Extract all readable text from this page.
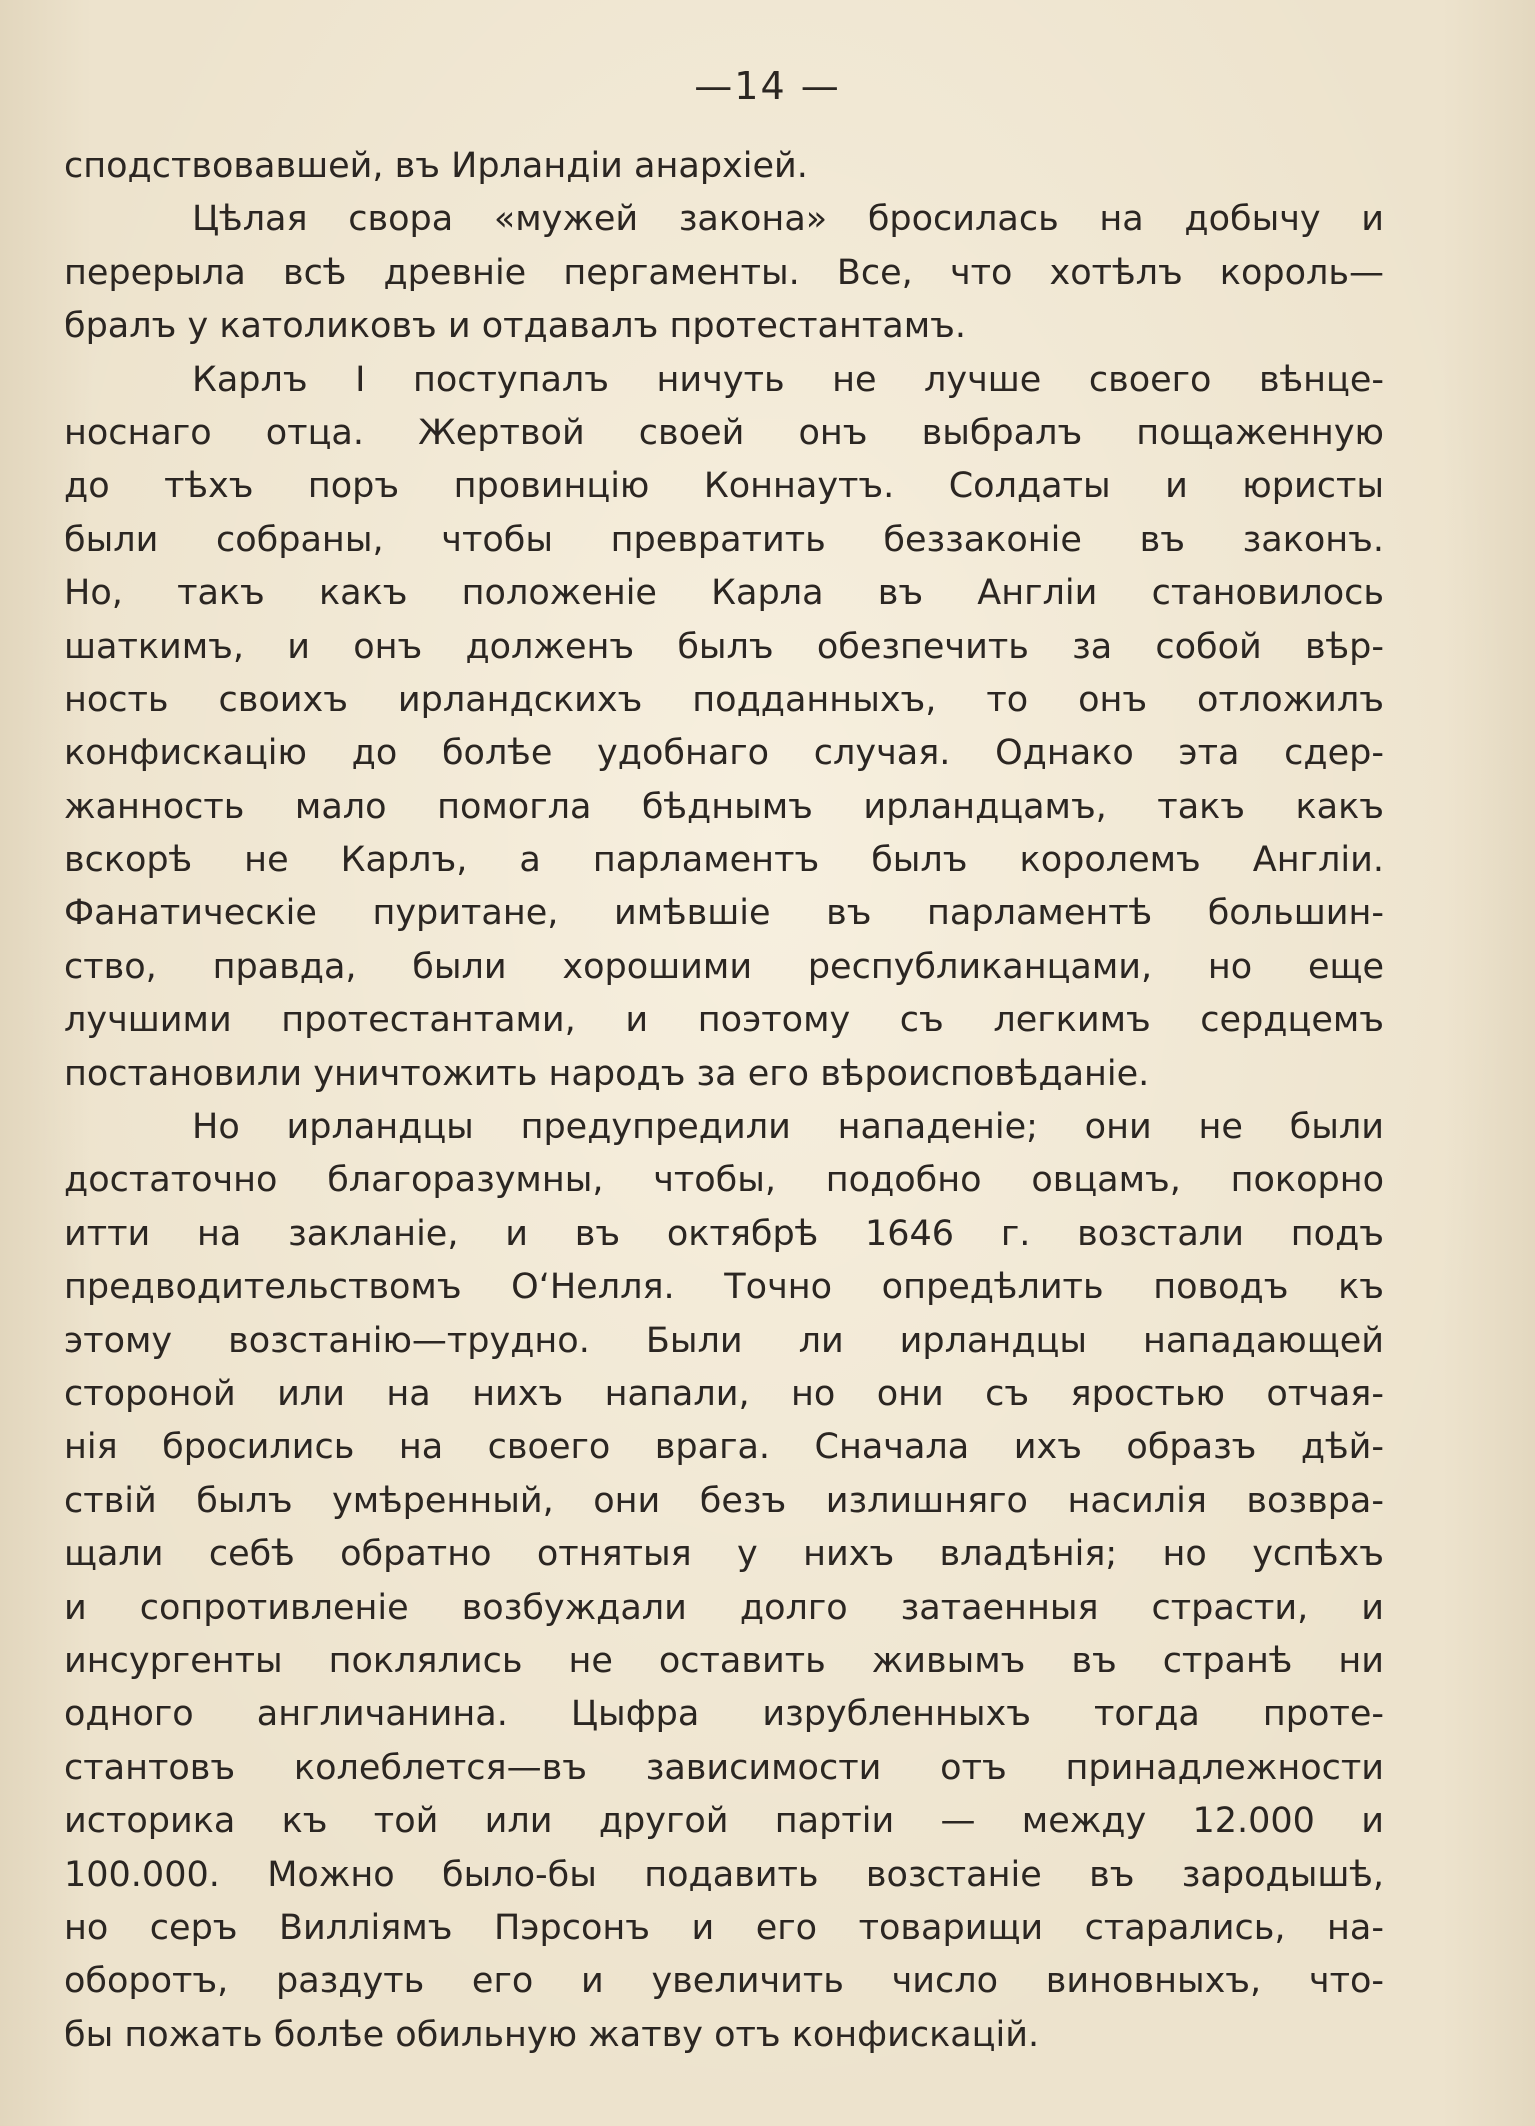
—14 —
сподствовавшей, въ Ирландіи анархіей.
Цѣлая свора «мужей закона» бросилась на добычу и
перерыла всѣ древніе пергаменты. Все, что хотѣлъ король—
бралъ у католиковъ и отдавалъ протестантамъ.
Карлъ I поступалъ ничуть не лучше своего вѣнце-
носнаго отца. Жертвой своей онъ выбралъ пощаженную
до тѣхъ поръ провинцію Коннаутъ. Солдаты и юристы
были собраны, чтобы превратить беззаконіе въ законъ.
Но, такъ какъ положеніе Карла въ Англіи становилось
шаткимъ, и онъ долженъ былъ обезпечить за собой вѣр-
ность своихъ ирландскихъ подданныхъ, то онъ отложилъ
конфискацію до болѣе удобнаго случая. Однако эта сдер-
жанность мало помогла бѣднымъ ирландцамъ, такъ какъ
вскорѣ не Карлъ, а парламентъ былъ королемъ Англіи.
Фанатическіе пуритане, имѣвшіе въ парламентѣ большин-
ство, правда, были хорошими республиканцами, но еще
лучшими протестантами, и поэтому съ легкимъ сердцемъ
постановили уничтожить народъ за его вѣроисповѣданіе.
Но ирландцы предупредили нападеніе; они не были
достаточно благоразумны, чтобы, подобно овцамъ, покорно
итти на закланіе, и въ октябрѣ 1646 г. возстали подъ
предводительствомъ О‘Нелля. Точно опредѣлить поводъ къ
этому возстанію—трудно. Были ли ирландцы нападающей
стороной или на нихъ напали, но они съ яростью отчая-
нія бросились на своего врага. Сначала ихъ образъ дѣй-
ствій былъ умѣренный, они безъ излишняго насилія возвра-
щали себѣ обратно отнятыя у нихъ владѣнія; но успѣхъ
и сопротивленіе возбуждали долго затаенныя страсти, и
инсургенты поклялись не оставить живымъ въ странѣ ни
одного англичанина. Цыфра изрубленныхъ тогда проте-
стантовъ колеблется—въ зависимости отъ принадлежности
историка къ той или другой партіи — между 12.000 и
100.000. Можно было-бы подавить возстаніе въ зародышѣ,
но серъ Вилліямъ Пэрсонъ и его товарищи старались, на-
оборотъ, раздуть его и увеличить число виновныхъ, что-
бы пожать болѣе обильную жатву отъ конфискацій.
